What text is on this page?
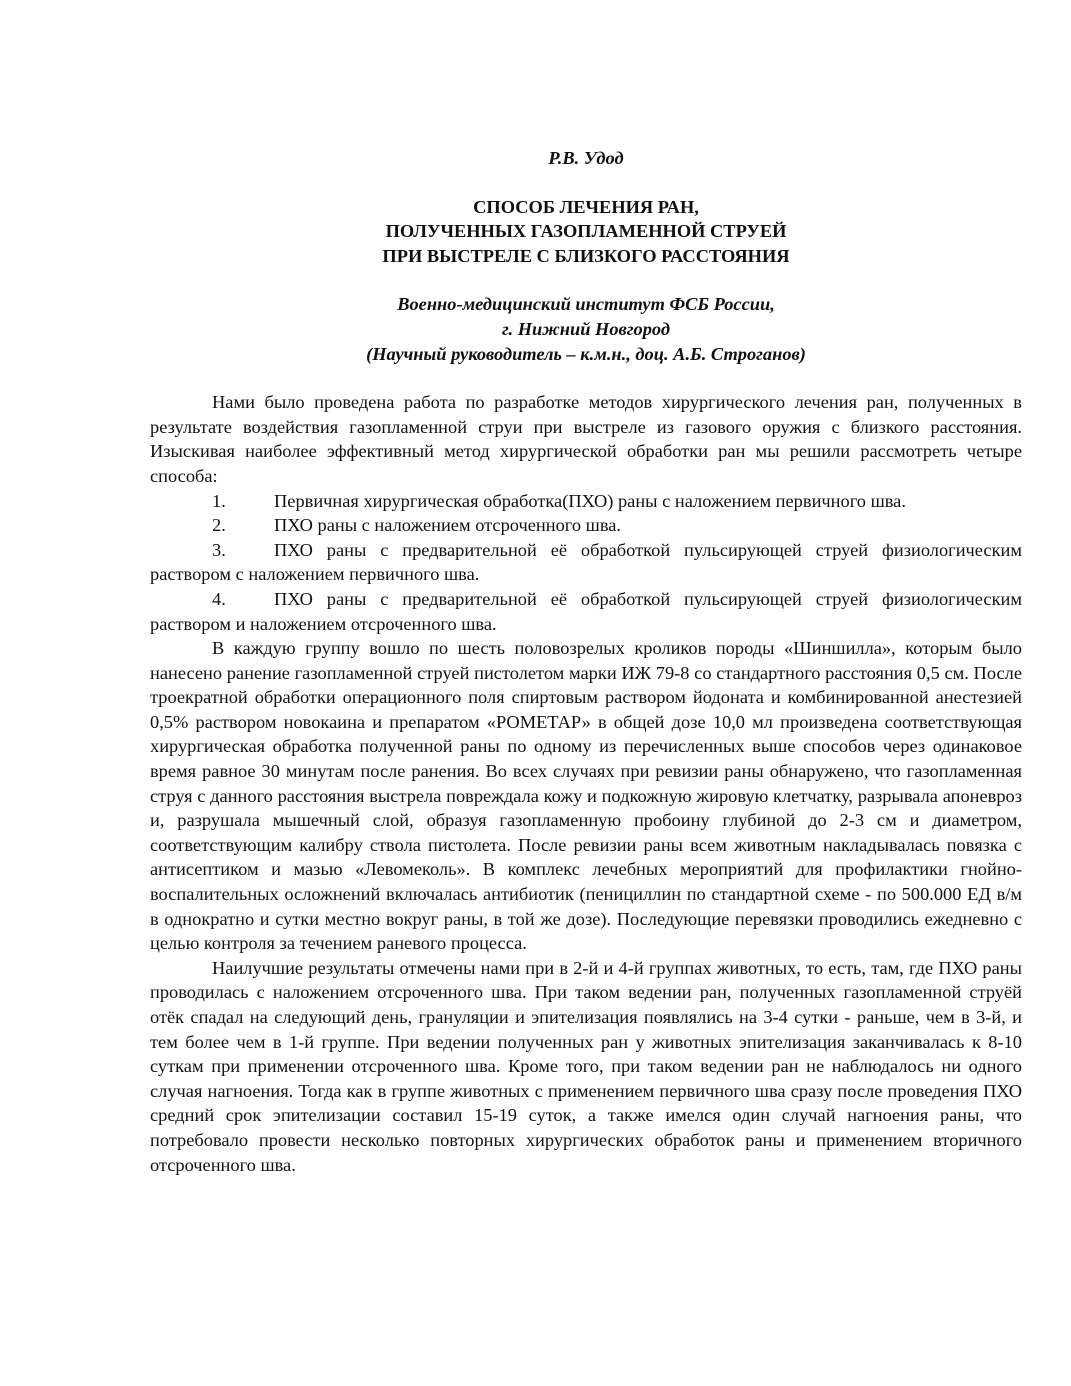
Р.В. Удод

СПОСОБ ЛЕЧЕНИЯ РАН,
ПОЛУЧЕННЫХ ГАЗОПЛАМЕННОЙ СТРУЕЙ
ПРИ ВЫСТРЕЛЕ С БЛИЗКОГО РАССТОЯНИЯ
Военно-медицинский институт ФСБ России,
г. Нижний Новгород
(Научный руководитель – к.м.н., доц. А.Б. Строганов)

Нами было проведена работа по разработке методов хирургического лечения ран, полученных в результате воздействия газопламенной струи при выстреле из газового оружия с близкого расстояния. Изыскивая наиболее эффективный метод хирургической обработки ран мы решили рассмотреть четыре способа:

1.	Первичная хирургическая обработка(ПХО) раны с наложением первичного шва.

2.	ПХО раны с наложением отсроченного шва.

3.	ПХО раны с предварительной её обработкой пульсирующей струей физиологическим раствором с наложением первичного шва.

4.	ПХО раны с предварительной её обработкой пульсирующей струей физиологическим раствором и наложением отсроченного шва.

В каждую группу вошло по шесть половозрелых кроликов породы «Шиншилла», которым было нанесено ранение газопламенной струей пистолетом марки ИЖ 79-8 со стандартного расстояния 0,5 см. После троекратной обработки операционного поля спиртовым раствором йодоната и комбинированной анестезией 0,5% раствором новокаина и препаратом «РОМЕТАР» в общей дозе 10,0 мл произведена соответствующая хирургическая обработка полученной раны по одному из перечисленных выше способов через одинаковое время равное 30 минутам после ранения. Во всех случаях при ревизии раны обнаружено, что газопламенная струя с данного расстояния выстрела повреждала кожу и подкожную жировую клетчатку, разрывала апоневроз и, разрушала мышечный слой, образуя газопламенную пробоину глубиной до 2-3 см и диаметром, соответствующим калибру ствола пистолета. После ревизии раны всем животным накладывалась повязка с антисептиком и мазью «Левомеколь». В комплекс лечебных мероприятий для профилактики гнойно-воспалительных осложнений включалась антибиотик (пенициллин по стандартной схеме - по 500.000 ЕД в/м в однократно и сутки местно вокруг раны, в той же дозе). Последующие перевязки проводились ежедневно с целью контроля за течением раневого процесса.

Наилучшие результаты отмечены нами при в 2-й и 4-й группах животных, то есть, там, где ПХО раны проводилась с наложением отсроченного шва. При таком ведении ран, полученных газопламенной струёй отёк спадал на следующий день, грануляции и эпителизация появлялись на 3-4 сутки - раньше, чем в 3-й, и тем более чем в 1-й группе. При ведении полученных ран у животных эпителизация заканчивалась к 8-10 суткам при применении отсроченного шва. Кроме того, при таком ведении ран не наблюдалось ни одного случая нагноения. Тогда как в группе животных с применением первичного шва сразу после проведения ПХО средний срок эпителизации составил 15-19 суток, а также имелся один случай нагноения раны, что потребовало провести несколько повторных хирургических обработок раны и применением вторичного отсроченного шва.
